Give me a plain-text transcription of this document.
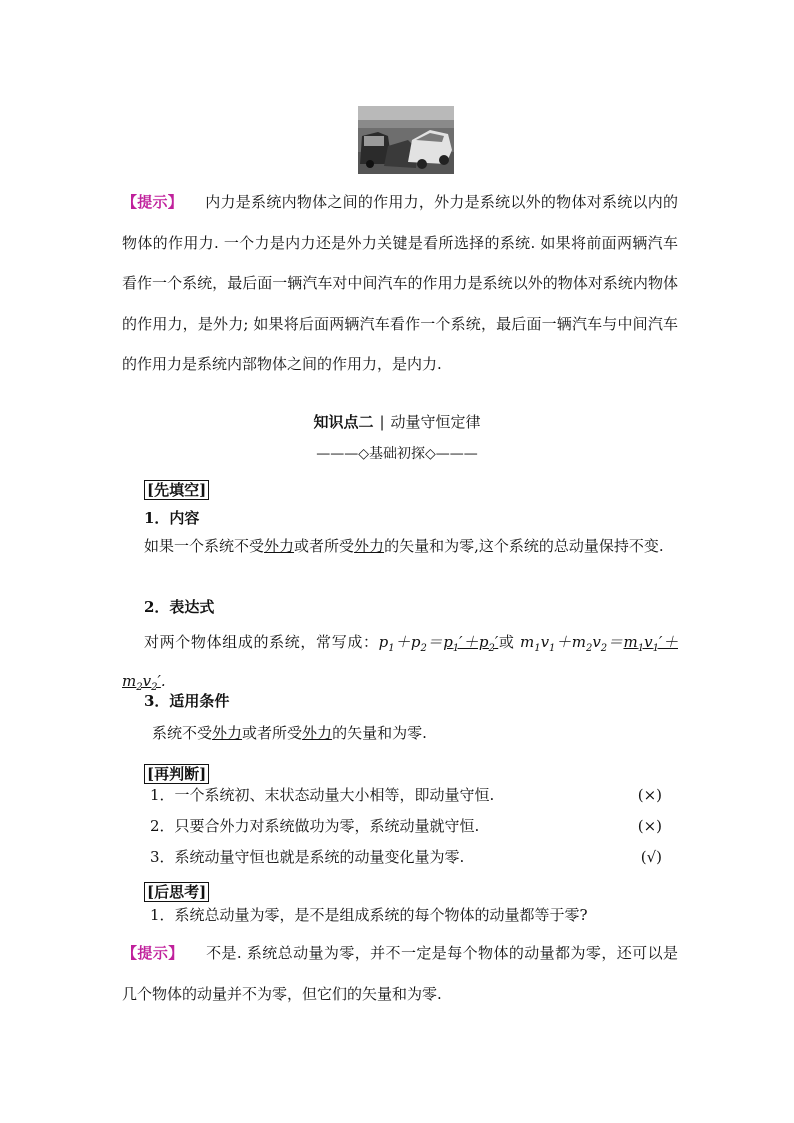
【提示】 内力是系统内物体之间的作用力，外力是系统以外的物体对系统以内的物体的作用力. 一个力是内力还是外力关键是看所选择的系统. 如果将前面两辆汽车看作一个系统，最后面一辆汽车对中间汽车的作用力是系统以外的物体对系统内物体的作用力，是外力; 如果将后面两辆汽车看作一个系统，最后面一辆汽车与中间汽车的作用力是系统内部物体之间的作用力，是内力.
知识点二 | 动量守恒定律
———◇基础初探◇———
[先填空]
1．内容
如果一个系统不受外力或者所受外力的矢量和为零,这个系统的总动量保持不变.
2．表达式
对两个物体组成的系统，常写成：$p_1+p_2=p_1'+p_2'$或 $m_1v_1+m_2v_2=m_1v_1'+m_2v_2'$.
3．适用条件
系统不受外力或者所受外力的矢量和为零.
[再判断]
1．一个系统初、末状态动量大小相等，即动量守恒.	(×)
2．只要合外力对系统做功为零，系统动量就守恒.	(×)
3．系统动量守恒也就是系统的动量变化量为零.	(√)
[后思考]
1．系统总动量为零，是不是组成系统的每个物体的动量都等于零?
【提示】 不是. 系统总动量为零，并不一定是每个物体的动量都为零，还可以是几个物体的动量并不为零，但它们的矢量和为零.
